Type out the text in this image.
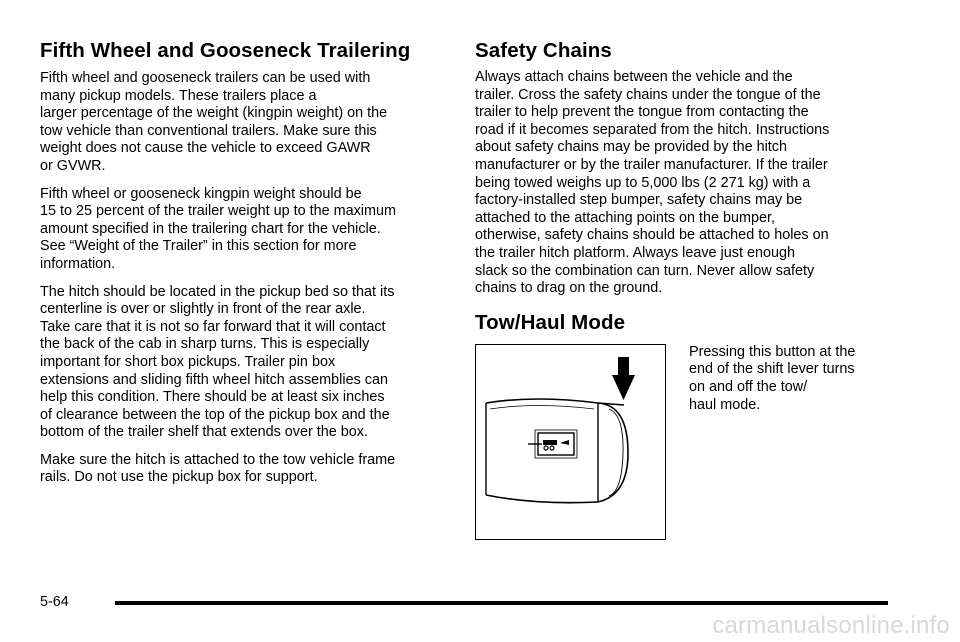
Fifth Wheel and Gooseneck Trailering

Fifth wheel and gooseneck trailers can be used with
many pickup models. These trailers place a
larger percentage of the weight (kingpin weight) on the
tow vehicle than conventional trailers. Make sure this
weight does not cause the vehicle to exceed GAWR
or GVWR.

Fifth wheel or gooseneck kingpin weight should be
15 to 25 percent of the trailer weight up to the maximum
amount specified in the trailering chart for the vehicle.
See “Weight of the Trailer” in this section for more
information.

The hitch should be located in the pickup bed so that its
centerline is over or slightly in front of the rear axle.
Take care that it is not so far forward that it will contact
the back of the cab in sharp turns. This is especially
important for short box pickups. Trailer pin box
extensions and sliding fifth wheel hitch assemblies can
help this condition. There should be at least six inches
of clearance between the top of the pickup box and the
bottom of the trailer shelf that extends over the box.

Make sure the hitch is attached to the tow vehicle frame
rails. Do not use the pickup box for support.

Safety Chains

Always attach chains between the vehicle and the
trailer. Cross the safety chains under the tongue of the
trailer to help prevent the tongue from contacting the
road if it becomes separated from the hitch. Instructions
about safety chains may be provided by the hitch
manufacturer or by the trailer manufacturer. If the trailer
being towed weighs up to 5,000 lbs (2 271 kg) with a
factory-installed step bumper, safety chains may be
attached to the attaching points on the bumper,
otherwise, safety chains should be attached to holes on
the trailer hitch platform. Always leave just enough
slack so the combination can turn. Never allow safety
chains to drag on the ground.

Tow/Haul Mode

Pressing this button at the
end of the shift lever turns
on and off the tow/
haul mode.

5-64
carmanualsonline.info
